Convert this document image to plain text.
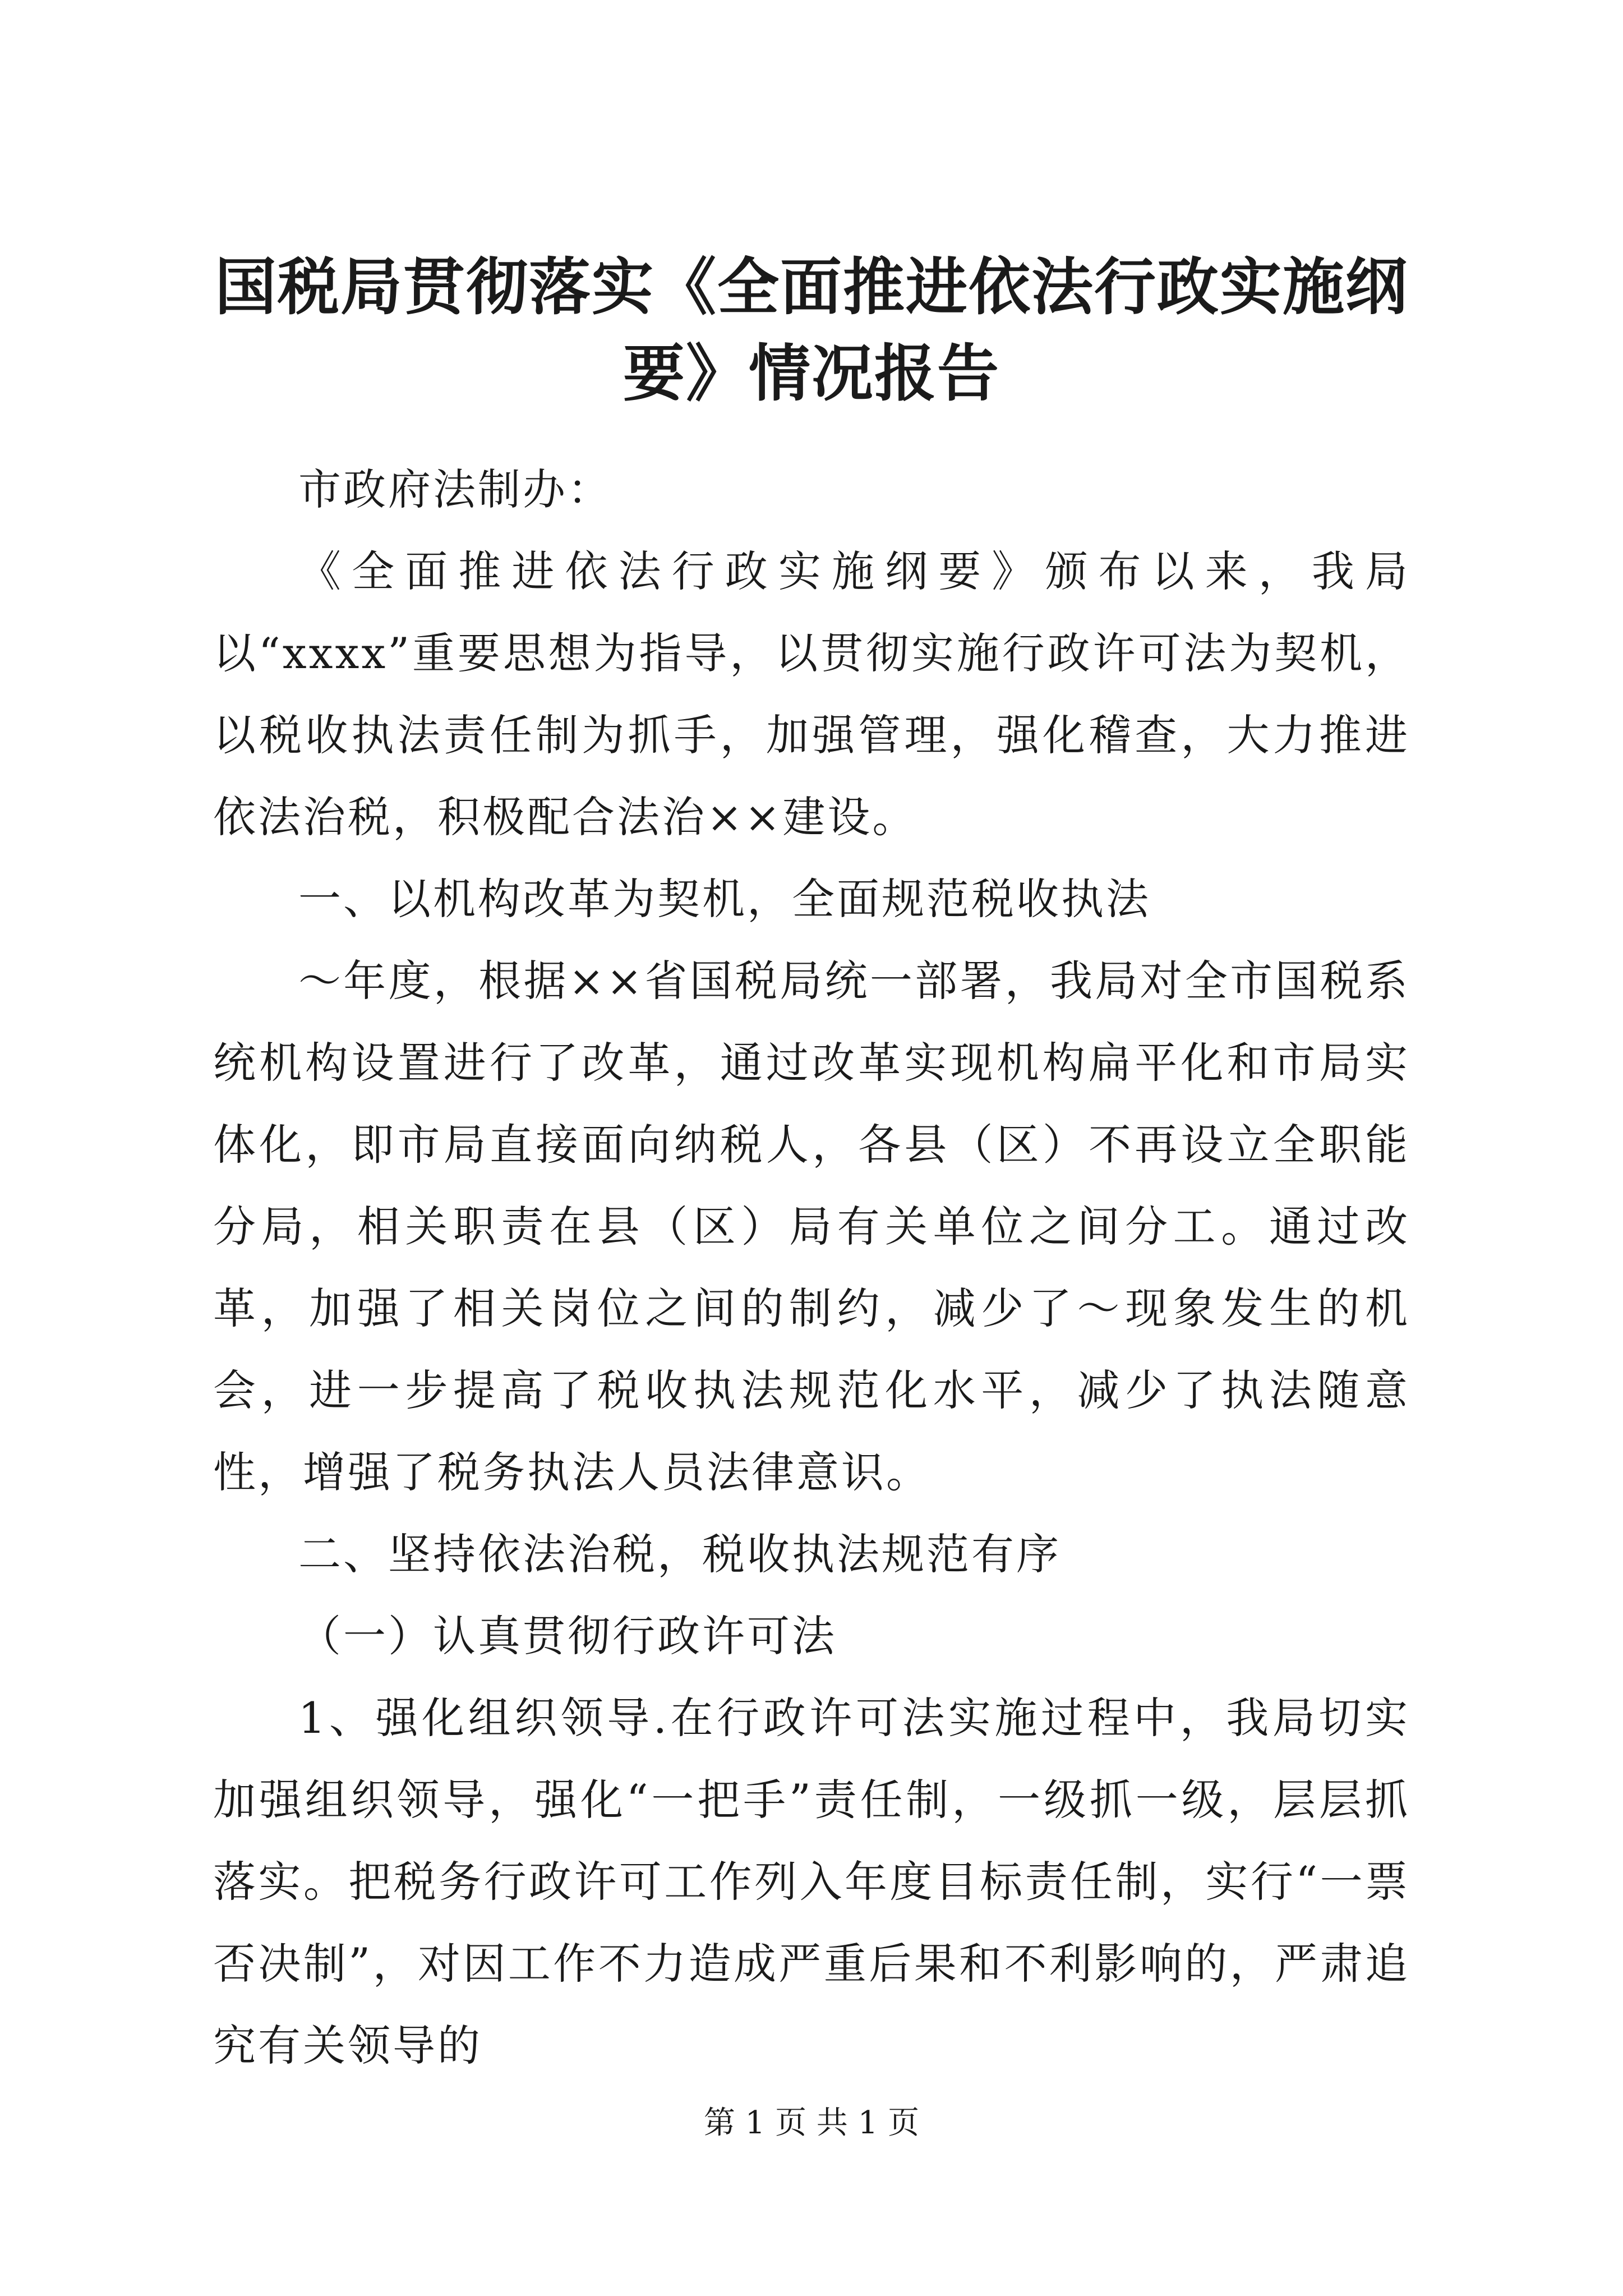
国税局贯彻落实《全面推进依法行政实施纲
要》情况报告

市政府法制办：

《全面推进依法行政实施纲要》颁布以来，我局以“xxxx”重要思想为指导，以贯彻实施行政许可法为契机，以税收执法责任制为抓手，加强管理，强化稽查，大力推进依法治税，积极配合法治××建设。

一、以机构改革为契机，全面规范税收执法

～年度，根据××省国税局统一部署，我局对全市国税系统机构设置进行了改革，通过改革实现机构扁平化和市局实体化，即市局直接面向纳税人，各县（区）不再设立全职能分局，相关职责在县（区）局有关单位之间分工。通过改革，加强了相关岗位之间的制约，减少了～现象发生的机会，进一步提高了税收执法规范化水平，减少了执法随意性，增强了税务执法人员法律意识。

二、坚持依法治税，税收执法规范有序

（一）认真贯彻行政许可法

1、强化组织领导.在行政许可法实施过程中，我局切实加强组织领导，强化“一把手”责任制，一级抓一级，层层抓落实。把税务行政许可工作列入年度目标责任制，实行“一票否决制”，对因工作不力造成严重后果和不利影响的，严肃追究有关领导的

第 1 页 共 1 页
